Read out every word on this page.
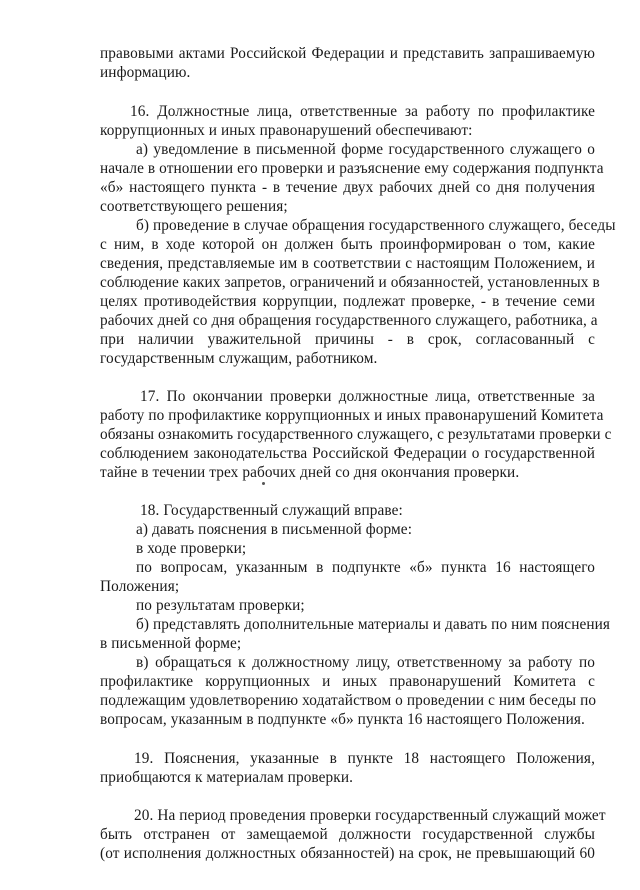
правовыми актами Российской Федерации и представить запрашиваемую
информацию.
16. Должностные лица, ответственные за работу по профилактике
коррупционных и иных правонарушений обеспечивают:
а) уведомление в письменной форме государственного служащего о
начале в отношении его проверки и разъяснение ему содержания подпункта
«б» настоящего пункта - в течение двух рабочих дней со дня получения
соответствующего решения;
б) проведение в случае обращения государственного служащего, беседы
с ним, в ходе которой он должен быть проинформирован о том, какие
сведения, представляемые им в соответствии с настоящим Положением, и
соблюдение каких запретов, ограничений и обязанностей, установленных в
целях противодействия коррупции, подлежат проверке, - в течение семи
рабочих дней со дня обращения государственного служащего, работника, а
при наличии уважительной причины - в срок, согласованный с
государственным служащим, работником.
17. По окончании проверки должностные лица, ответственные за
работу по профилактике коррупционных и иных правонарушений Комитета
обязаны ознакомить государственного служащего, с результатами проверки с
соблюдением законодательства Российской Федерации о государственной
тайне в течении трех рабочих дней со дня окончания проверки.
18. Государственный служащий вправе:
а) давать пояснения в письменной форме:
в ходе проверки;
по вопросам, указанным в подпункте «б» пункта 16 настоящего
Положения;
по результатам проверки;
б) представлять дополнительные материалы и давать по ним пояснения
в письменной форме;
в) обращаться к должностному лицу, ответственному за работу по
профилактике коррупционных и иных правонарушений Комитета с
подлежащим удовлетворению ходатайством о проведении с ним беседы по
вопросам, указанным в подпункте «б» пункта 16 настоящего Положения.
19. Пояснения, указанные в пункте 18 настоящего Положения,
приобщаются к материалам проверки.
20. На период проведения проверки государственный служащий может
быть отстранен от замещаемой должности государственной службы
(от исполнения должностных обязанностей) на срок, не превышающий 60
